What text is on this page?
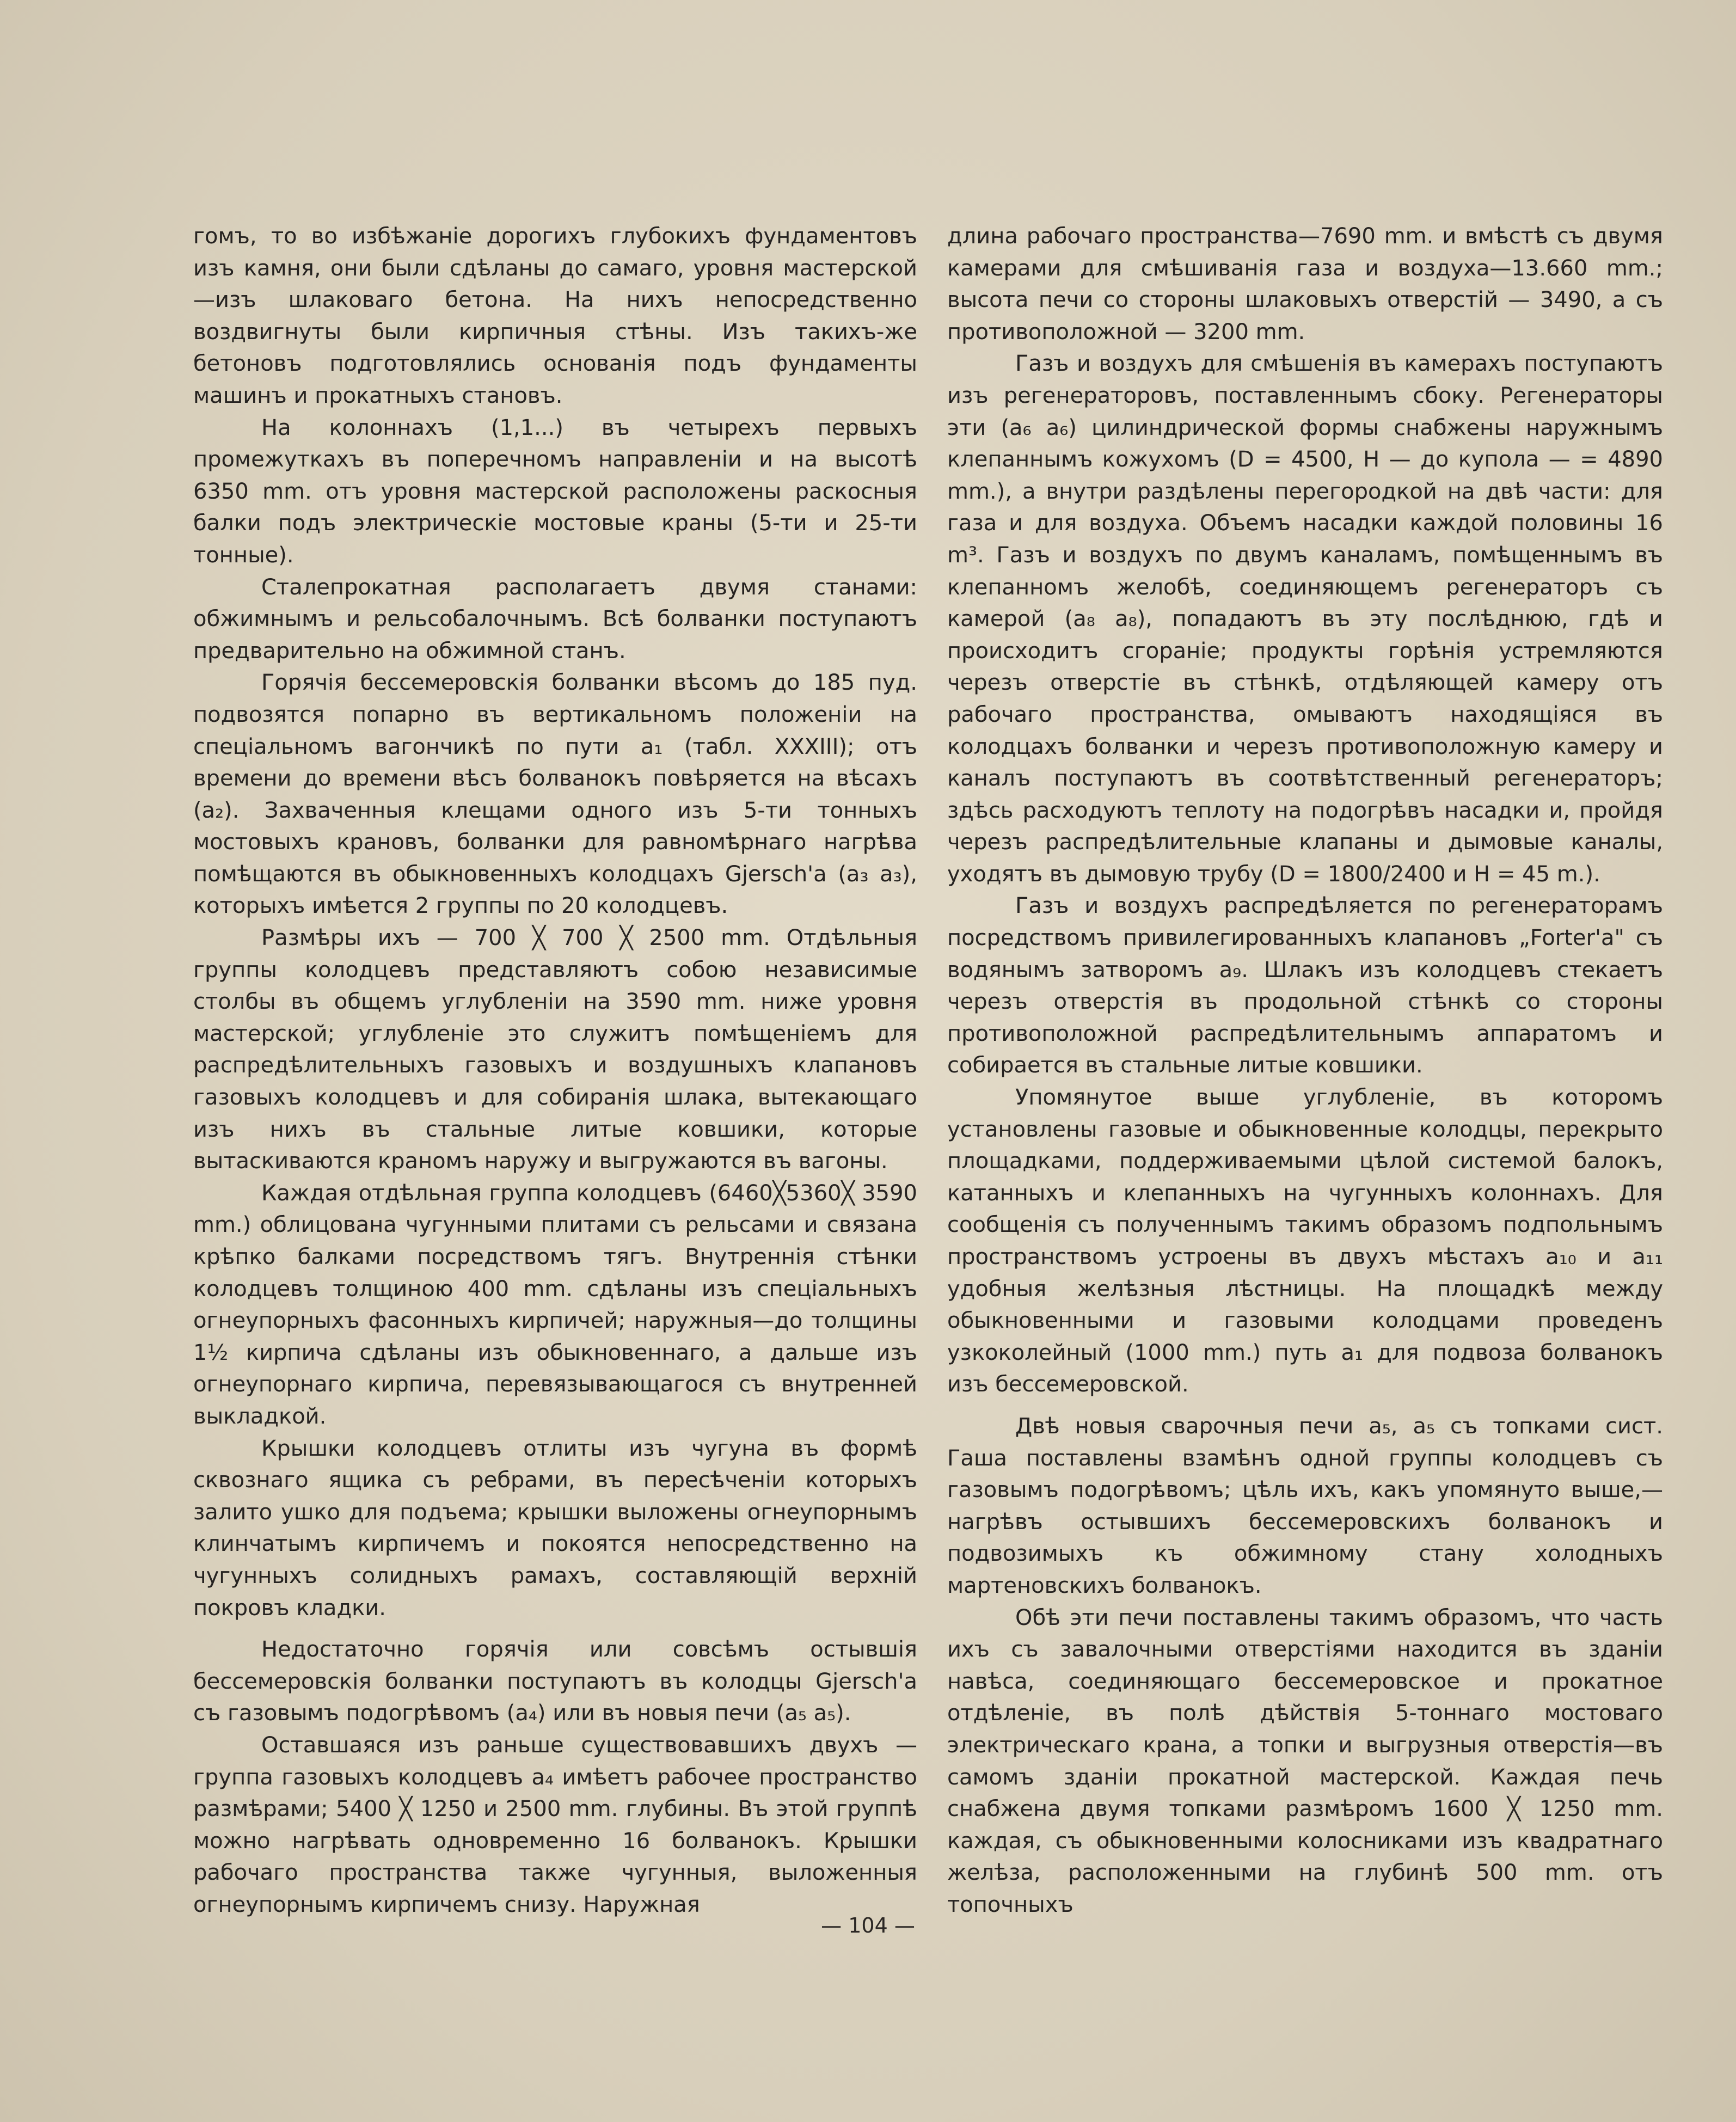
гомъ, то во избѣжаніе дорогихъ глубокихъ фундаментовъ изъ камня, они были сдѣланы до самаго, уровня мастерской—изъ шлаковаго бетона. На нихъ непосредственно воздвигнуты были кирпичныя стѣны. Изъ такихъ-же бетоновъ подготовлялись основанія подъ фундаменты машинъ и прокатныхъ становъ.

На колоннахъ (1,1...) въ четырехъ первыхъ промежуткахъ въ поперечномъ направленіи и на высотѣ 6350 mm. отъ уровня мастерской расположены раскосныя балки подъ электрическіе мостовые краны (5-ти и 25-ти тонные).

Сталепрокатная располагаетъ двумя станами: обжимнымъ и рельсобалочнымъ. Всѣ болванки поступаютъ предварительно на обжимной станъ.

Горячія бессемеровскія болванки вѣсомъ до 185 пуд. подвозятся попарно въ вертикальномъ положеніи на спеціальномъ вагончикѣ по пути a₁ (табл. XXXIII); отъ времени до времени вѣсъ болванокъ повѣряется на вѣсахъ (a₂). Захваченныя клещами одного изъ 5-ти тонныхъ мостовыхъ крановъ, болванки для равномѣрнаго нагрѣва помѣщаются въ обыкновенныхъ колодцахъ Gjersch'a (a₃ a₃), которыхъ имѣется 2 группы по 20 колодцевъ.

Размѣры ихъ — 700 ╳ 700 ╳ 2500 mm. Отдѣльныя группы колодцевъ представляютъ собою независимые столбы въ общемъ углубленіи на 3590 mm. ниже уровня мастерской; углубленіе это служитъ помѣщеніемъ для распредѣлительныхъ газовыхъ и воздушныхъ клапановъ газовыхъ колодцевъ и для собиранія шлака, вытекающаго изъ нихъ въ стальные литые ковшики, которые вытаскиваются краномъ наружу и выгружаются въ вагоны.

Каждая отдѣльная группа колодцевъ (6460╳5360╳ 3590 mm.) облицована чугунными плитами съ рельсами и связана крѣпко балками посредствомъ тягъ. Внутреннія стѣнки колодцевъ толщиною 400 mm. сдѣланы изъ спеціальныхъ огнеупорныхъ фасонныхъ кирпичей; наружныя—до толщины 1½ кирпича сдѣланы изъ обыкновеннаго, а дальше изъ огнеупорнаго кирпича, перевязывающагося съ внутренней выкладкой.

Крышки колодцевъ отлиты изъ чугуна въ формѣ сквознаго ящика съ ребрами, въ пересѣченіи которыхъ залито ушко для подъема; крышки выложены огнеупорнымъ клинчатымъ кирпичемъ и покоятся непосредственно на чугунныхъ солидныхъ рамахъ, составляющій верхній покровъ кладки.

Недостаточно горячія или совсѣмъ остывшія бессемеровскія болванки поступаютъ въ колодцы Gjersch'a съ газовымъ подогрѣвомъ (a₄) или въ новыя печи (a₅ a₅).

Оставшаяся изъ раньше существовавшихъ двухъ — группа газовыхъ колодцевъ a₄ имѣетъ рабочее пространство размѣрами; 5400 ╳ 1250 и 2500 mm. глубины. Въ этой группѣ можно нагрѣвать одновременно 16 болванокъ. Крышки рабочаго пространства также чугунныя, выложенныя огнеупорнымъ кирпичемъ снизу. Наружная

длина рабочаго пространства—7690 mm. и вмѣстѣ съ двумя камерами для смѣшиванія газа и воздуха—13.660 mm.; высота печи со стороны шлаковыхъ отверстій — 3490, а съ противоположной — 3200 mm.

Газъ и воздухъ для смѣшенія въ камерахъ поступаютъ изъ регенераторовъ, поставленнымъ сбоку. Регенераторы эти (a₆ a₆) цилиндрической формы снабжены наружнымъ клепаннымъ кожухомъ (D = 4500, H — до купола — = 4890 mm.), а внутри раздѣлены перегородкой на двѣ части: для газа и для воздуха. Объемъ насадки каждой половины 16 m³. Газъ и воздухъ по двумъ каналамъ, помѣщеннымъ въ клепанномъ желобѣ, соединяющемъ регенераторъ съ камерой (a₈ a₈), попадаютъ въ эту послѣднюю, гдѣ и происходитъ сгораніе; продукты горѣнія устремляются черезъ отверстіе въ стѣнкѣ, отдѣляющей камеру отъ рабочаго пространства, омываютъ находящіяся въ колодцахъ болванки и черезъ противоположную камеру и каналъ поступаютъ въ соотвѣтственный регенераторъ; здѣсь расходуютъ теплоту на подогрѣвъ насадки и, пройдя черезъ распредѣлительные клапаны и дымовые каналы, уходятъ въ дымовую трубу (D = 1800/2400 и H = 45 m.).

Газъ и воздухъ распредѣляется по регенераторамъ посредствомъ привилегированныхъ клапановъ „Forter'a" съ водянымъ затворомъ a₉. Шлакъ изъ колодцевъ стекаетъ черезъ отверстія въ продольной стѣнкѣ со стороны противоположной распредѣлительнымъ аппаратомъ и собирается въ стальные литые ковшики.

Упомянутое выше углубленіе, въ которомъ установлены газовые и обыкновенные колодцы, перекрыто площадками, поддерживаемыми цѣлой системой балокъ, катанныхъ и клепанныхъ на чугунныхъ колоннахъ. Для сообщенія съ полученнымъ такимъ образомъ подпольнымъ пространствомъ устроены въ двухъ мѣстахъ a₁₀ и a₁₁ удобныя желѣзныя лѣстницы. На площадкѣ между обыкновенными и газовыми колодцами проведенъ узкоколейный (1000 mm.) путь a₁ для подвоза болванокъ изъ бессемеровской.

Двѣ новыя сварочныя печи a₅, a₅ съ топками сист. Гаша поставлены взамѣнъ одной группы колодцевъ съ газовымъ подогрѣвомъ; цѣль ихъ, какъ упомянуто выше,— нагрѣвъ остывшихъ бессемеровскихъ болванокъ и подвозимыхъ къ обжимному стану холодныхъ мартеновскихъ болванокъ.

Обѣ эти печи поставлены такимъ образомъ, что часть ихъ съ завалочными отверстіями находится въ зданіи навѣса, соединяющаго бессемеровское и прокатное отдѣленіе, въ полѣ дѣйствія 5-тоннаго мостоваго электрическаго крана, а топки и выгрузныя отверстія—въ самомъ зданіи прокатной мастерской. Каждая печь снабжена двумя топками размѣромъ 1600 ╳ 1250 mm. каждая, съ обыкновенными колосниками изъ квадратнаго желѣза, расположенными на глубинѣ 500 mm. отъ топочныхъ

— 104 —
